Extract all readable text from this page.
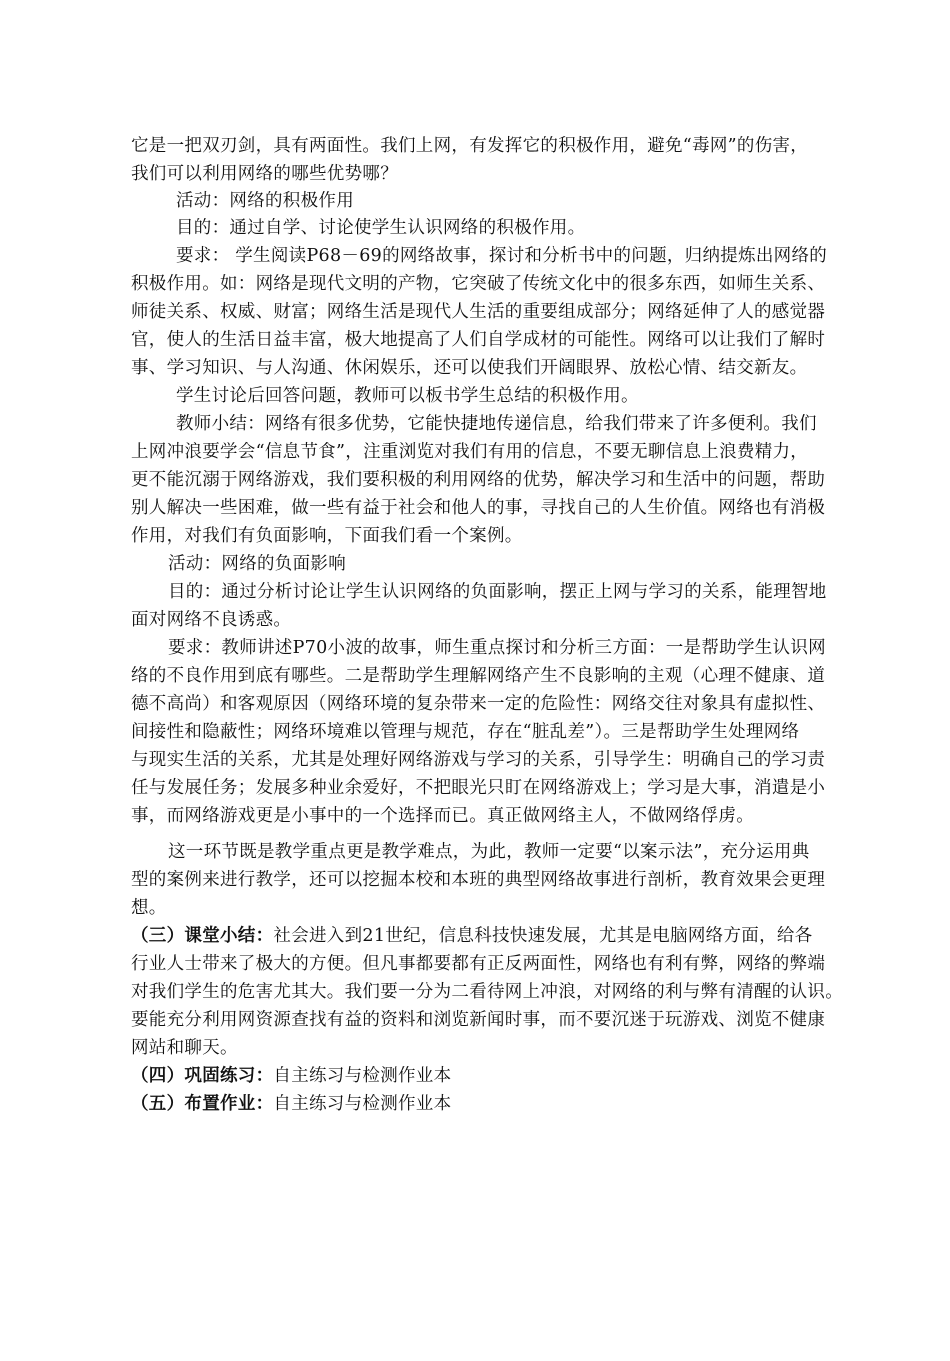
它是一把双刃剑，具有两面性。我们上网，有发挥它的积极作用，避免“毒网”的伤害，
我们可以利用网络的哪些优势哪？
活动：网络的积极作用
目的：通过自学、讨论使学生认识网络的积极作用。
要求： 学生阅读P68－69的网络故事，探讨和分析书中的问题，归纳提炼出网络的
积极作用。如：网络是现代文明的产物，它突破了传统文化中的很多东西，如师生关系、
师徒关系、权威、财富；网络生活是现代人生活的重要组成部分；网络延伸了人的感觉器
官，使人的生活日益丰富，极大地提高了人们自学成材的可能性。网络可以让我们了解时
事、学习知识、与人沟通、休闲娱乐，还可以使我们开阔眼界、放松心情、结交新友。
学生讨论后回答问题，教师可以板书学生总结的积极作用。
教师小结：网络有很多优势，它能快捷地传递信息，给我们带来了许多便利。我们
上网冲浪要学会“信息节食”，注重浏览对我们有用的信息，不要无聊信息上浪费精力，
更不能沉溺于网络游戏，我们要积极的利用网络的优势，解决学习和生活中的问题，帮助
别人解决一些困难，做一些有益于社会和他人的事，寻找自己的人生价值。网络也有消极
作用，对我们有负面影响，下面我们看一个案例。
活动：网络的负面影响
目的：通过分析讨论让学生认识网络的负面影响，摆正上网与学习的关系，能理智地
面对网络不良诱惑。
要求：教师讲述P70小波的故事，师生重点探讨和分析三方面：一是帮助学生认识网
络的不良作用到底有哪些。二是帮助学生理解网络产生不良影响的主观（心理不健康、道
德不高尚）和客观原因（网络环境的复杂带来一定的危险性：网络交往对象具有虚拟性、
间接性和隐蔽性；网络环境难以管理与规范，存在“脏乱差”）。三是帮助学生处理网络
与现实生活的关系，尤其是处理好网络游戏与学习的关系，引导学生：明确自己的学习责
任与发展任务；发展多种业余爱好，不把眼光只盯在网络游戏上；学习是大事，消遣是小
事，而网络游戏更是小事中的一个选择而已。真正做网络主人，不做网络俘虏。
这一环节既是教学重点更是教学难点，为此，教师一定要“以案示法”，充分运用典
型的案例来进行教学，还可以挖掘本校和本班的典型网络故事进行剖析，教育效果会更理
想。
（三）课堂小结：社会进入到21世纪，信息科技快速发展，尤其是电脑网络方面，给各
行业人士带来了极大的方便。但凡事都要都有正反两面性，网络也有利有弊，网络的弊端
对我们学生的危害尤其大。我们要一分为二看待网上冲浪，对网络的利与弊有清醒的认识。
要能充分利用网资源查找有益的资料和浏览新闻时事，而不要沉迷于玩游戏、浏览不健康
网站和聊天。
（四）巩固练习：自主练习与检测作业本
（五）布置作业：自主练习与检测作业本
